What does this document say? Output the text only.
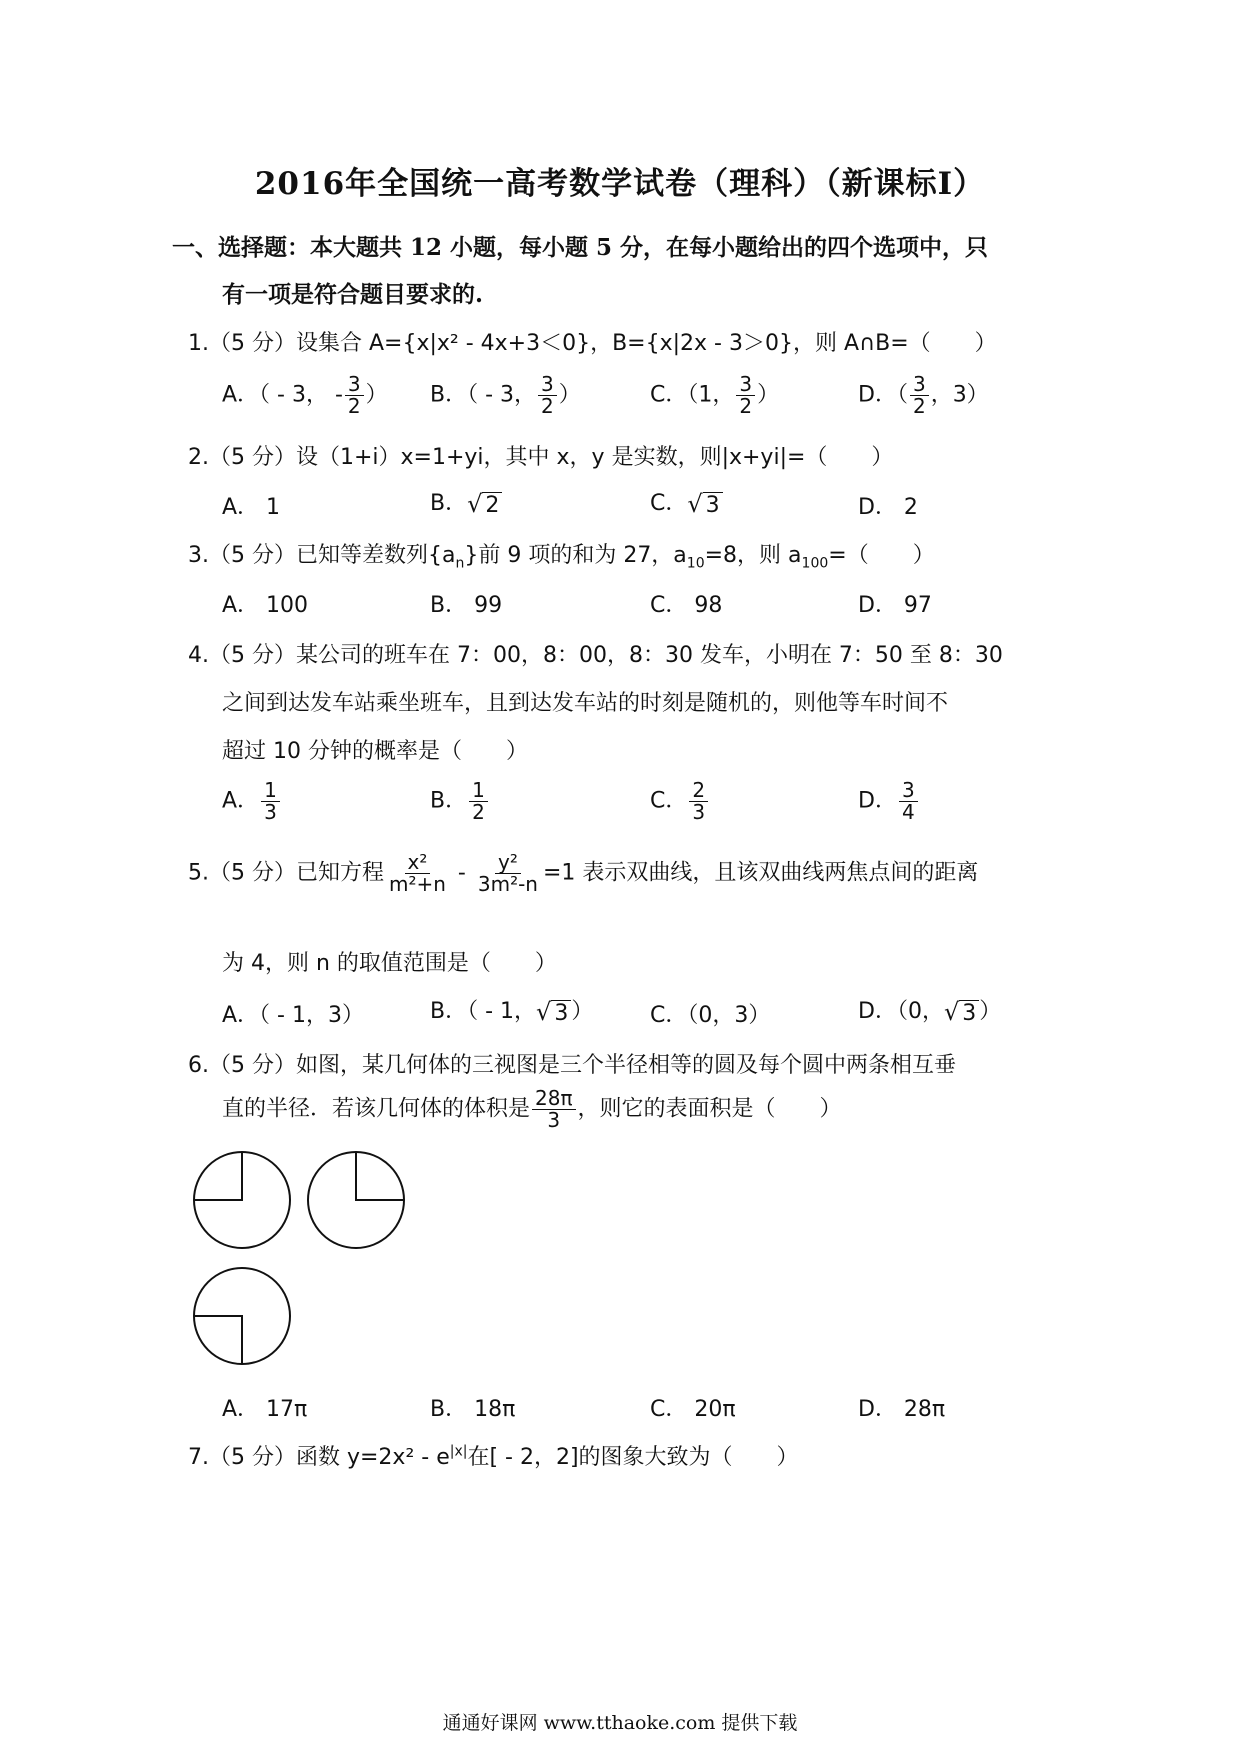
2016年全国统一高考数学试卷（理科）（新课标Ⅰ）
一、选择题：本大题共 12 小题，每小题 5 分，在每小题给出的四个选项中，只
有一项是符合题目要求的.
1.（5 分）设集合 A={x|x² - 4x+3＜0}，B={x|2x - 3＞0}，则 A∩B=（　　）
A．（ - 3， - $\frac{3}{2}$ ） B．（ - 3， $\frac{3}{2}$ ）	C．（1， $\frac{3}{2}$ ）	D．（ $\frac{3}{2}$ ，3）
2.（5 分）设（1+i）x=1+yi，其中 x，y 是实数，则|x+yi|=（　　）
A． 1	B．√ 2	C．√ 3	D． 2
3.（5 分）已知等差数列$\{a_n\}$前 9 项的和为 27，$a_{10}=8$，则 $a_{100}=$（　　）
A． 100	B． 99	C． 98	D． 97
4.（5 分）某公司的班车在 7：00，8：00，8：30 发车，小明在 7：50 至 8：30
之间到达发车站乘坐班车，且到达发车站的时刻是随机的，则他等车时间不
超过 10 分钟的概率是（　　）
A． $\frac{1}{3}$	B． $\frac{1}{2}$	C． $\frac{2}{3}$	D． $\frac{3}{4}$
5.（5 分）已知方程 $\frac{\text{x²}}{\text{m²+n}} - \frac{\text{y²}}{\text{3m²-n}} =1$ 表示双曲线，且该双曲线两焦点间的距离
为 4，则 n 的取值范围是（　　）
A．（ - 1，3）	B．（ - 1，√ 3 ）	C．（0，3）	D．（0，√ 3 ）
6.（5 分）如图，某几何体的三视图是三个半径相等的圆及每个圆中两条相互垂
直的半径．若该几何体的体积是 $\frac{28\pi}{3}$ ，则它的表面积是（　　）
A． 17π	B． 18π	C． 20π	D． 28π
7.（5 分）函数 $y=2x^2 - e^{|x|}$在[ - 2，2]的图象大致为（　　）
通通好课网 www.tthaoke.com 提供下载
